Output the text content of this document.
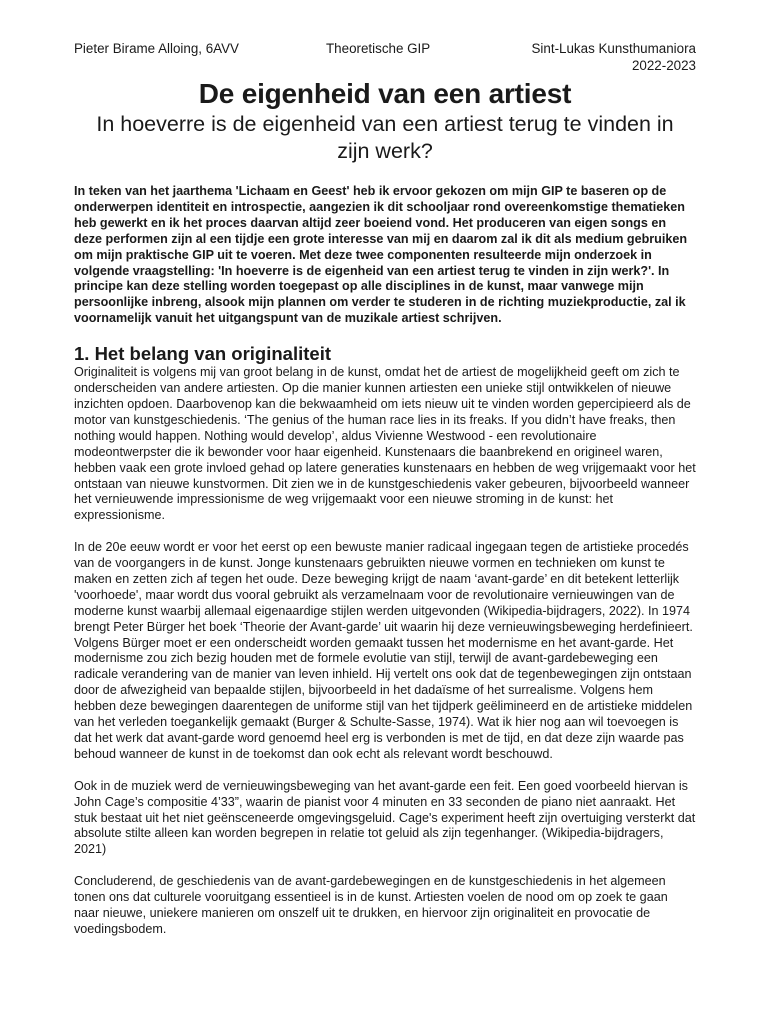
Pieter Birame Alloing, 6AVV	Theoretische GIP	Sint-Lukas Kunsthumaniora
2022-2023
De eigenheid van een artiest
In hoeverre is de eigenheid van een artiest terug te vinden in zijn werk?

In teken van het jaarthema 'Lichaam en Geest' heb ik ervoor gekozen om mijn GIP te baseren op de onderwerpen identiteit en introspectie, aangezien ik dit schooljaar rond overeenkomstige thematieken heb gewerkt en ik het proces daarvan altijd zeer boeiend vond. Het produceren van eigen songs en deze performen zijn al een tijdje een grote interesse van mij en daarom zal ik dit als medium gebruiken om mijn praktische GIP uit te voeren. Met deze twee componenten resulteerde mijn onderzoek in volgende vraagstelling: 'In hoeverre is de eigenheid van een artiest terug te vinden in zijn werk?'. In principe kan deze stelling worden toegepast op alle disciplines in de kunst, maar vanwege mijn persoonlijke inbreng, alsook mijn plannen om verder te studeren in de richting muziekproductie, zal ik voornamelijk vanuit het uitgangspunt van de muzikale artiest schrijven.

1. Het belang van originaliteit

Originaliteit is volgens mij van groot belang in de kunst, omdat het de artiest de mogelijkheid geeft om zich te onderscheiden van andere artiesten. Op die manier kunnen artiesten een unieke stijl ontwikkelen of nieuwe inzichten opdoen. Daarbovenop kan die bekwaamheid om iets nieuw uit te vinden worden gepercipieerd als de motor van kunstgeschiedenis. ‘The genius of the human race lies in its freaks. If you didn’t have freaks, then nothing would happen. Nothing would develop’, aldus Vivienne Westwood - een revolutionaire modeontwerpster die ik bewonder voor haar eigenheid. Kunstenaars die baanbrekend en origineel waren, hebben vaak een grote invloed gehad op latere generaties kunstenaars en hebben de weg vrijgemaakt voor het ontstaan van nieuwe kunstvormen. Dit zien we in de kunstgeschiedenis vaker gebeuren, bijvoorbeeld wanneer het vernieuwende impressionisme de weg vrijgemaakt voor een nieuwe stroming in de kunst: het expressionisme.

In de 20e eeuw wordt er voor het eerst op een bewuste manier radicaal ingegaan tegen de artistieke procedés van de voorgangers in de kunst. Jonge kunstenaars gebruikten nieuwe vormen en technieken om kunst te maken en zetten zich af tegen het oude. Deze beweging krijgt de naam ‘avant-garde’ en dit betekent letterlijk 'voorhoede', maar wordt dus vooral gebruikt als verzamelnaam voor de revolutionaire vernieuwingen van de moderne kunst waarbij allemaal eigenaardige stijlen werden uitgevonden (Wikipedia-bijdragers, 2022). In 1974 brengt Peter Bürger het boek ‘Theorie der Avant-garde’ uit waarin hij deze vernieuwingsbeweging herdefinieert. Volgens Bürger moet er een onderscheidt worden gemaakt tussen het modernisme en het avant-garde. Het modernisme zou zich bezig houden met de formele evolutie van stijl, terwijl de avant-gardebeweging een radicale verandering van de manier van leven inhield. Hij vertelt ons ook dat de tegenbewegingen zijn ontstaan door de afwezigheid van bepaalde stijlen, bijvoorbeeld in het dadaïsme of het surrealisme. Volgens hem hebben deze bewegingen daarentegen de uniforme stijl van het tijdperk geëlimineerd en de artistieke middelen van het verleden toegankelijk gemaakt (Burger & Schulte-Sasse, 1974). Wat ik hier nog aan wil toevoegen is dat het werk dat avant-garde word genoemd heel erg is verbonden is met de tijd, en dat deze zijn waarde pas behoud wanneer de kunst in de toekomst dan ook echt als relevant wordt beschouwd.

Ook in de muziek werd de vernieuwingsbeweging van het avant-garde een feit. Een goed voorbeeld hiervan is John Cage’s compositie 4’33”, waarin de pianist voor 4 minuten en 33 seconden de piano niet aanraakt. Het stuk bestaat uit het niet geënsceneerde omgevingsgeluid. Cage's experiment heeft zijn overtuiging versterkt dat absolute stilte alleen kan worden begrepen in relatie tot geluid als zijn tegenhanger. (Wikipedia-bijdragers, 2021)

Concluderend, de geschiedenis van de avant-gardebewegingen en de kunstgeschiedenis in het algemeen tonen ons dat culturele vooruitgang essentieel is in de kunst. Artiesten voelen de nood om op zoek te gaan naar nieuwe, uniekere manieren om onszelf uit te drukken, en hiervoor zijn originaliteit en provocatie de voedingsbodem.
